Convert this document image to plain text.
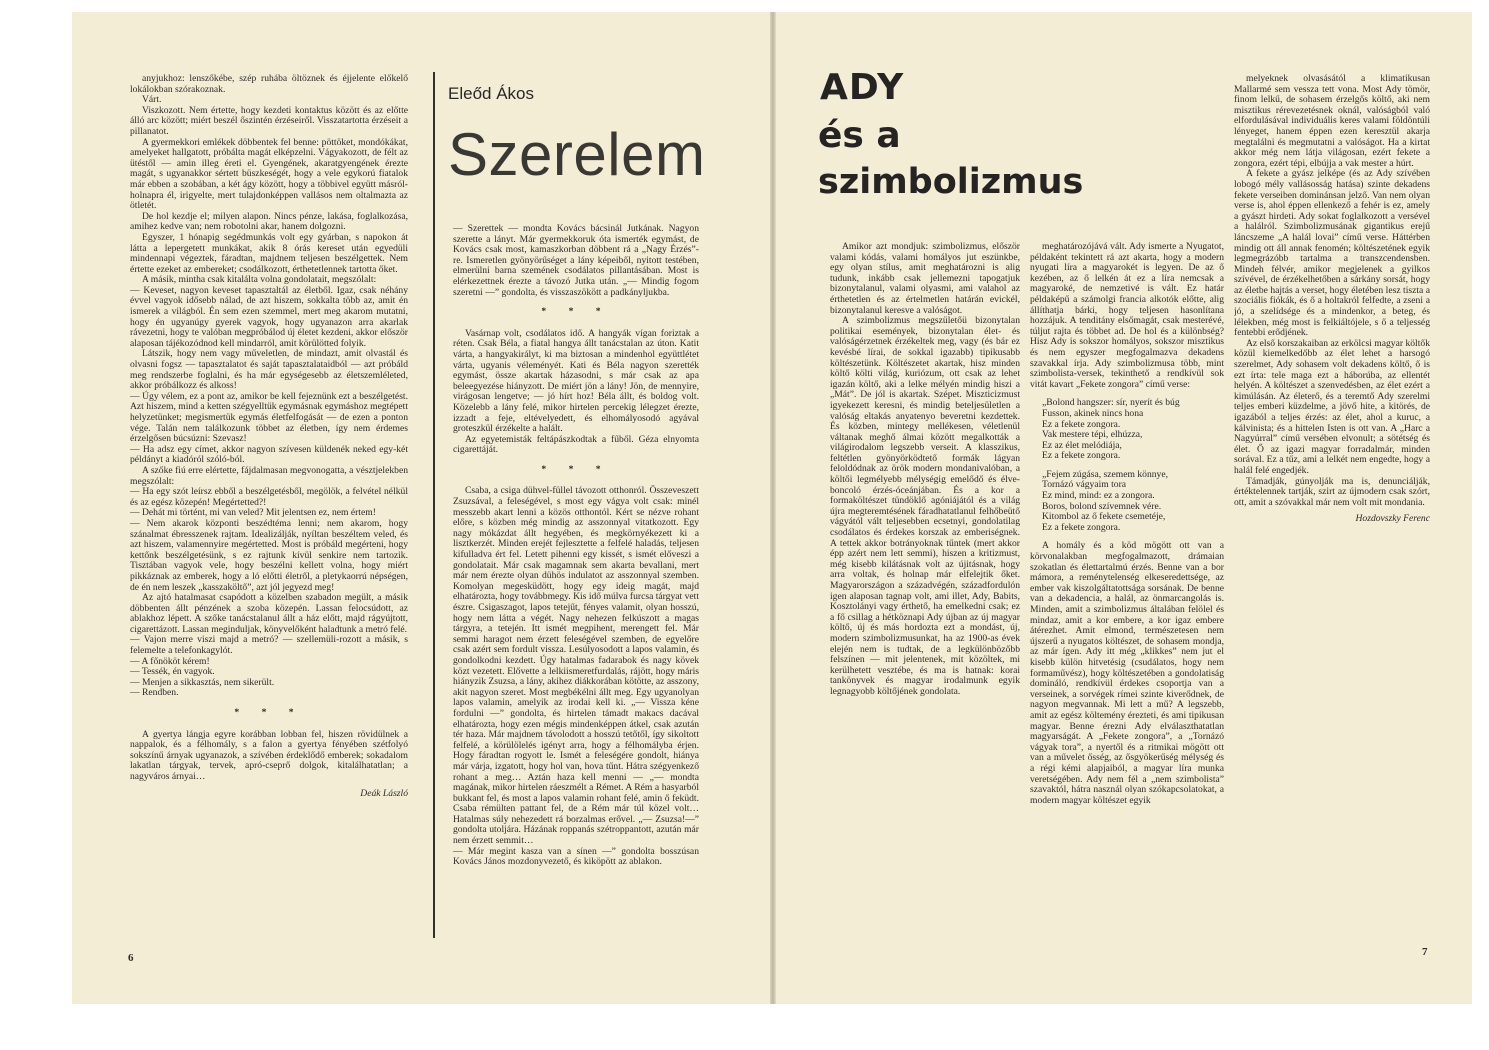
anyjukhoz: lenszőkébe, szép ruhába öltöznek és éjjelente előkelő lokálokban szórakoznak.

Várt.

Viszkozott. Nem értette, hogy kezdeti kontaktus között és az előtte álló arc között; miért beszél őszintén érzéseiről. Visszatartotta érzéseit a pillanatot.

A gyermekkori emlékek döbbentek fel benne: pöttöket, mondókákat, amelyeket hallgatott, próbálta magát elképzelni. Vágyakozott, de félt az ütéstől — amin illeg éreti el. Gyengének, akaratgyengének érezte magát, s ugyanakkor sértett büszkeségét, hogy a vele egykorú fiatalok már ebben a szobában, a két ágy között, hogy a többivel együtt másról-holnapra él, irigyelte, mert tulajdonképpen vallásos nem oltalmazta az ötletét.

De hol kezdje el; milyen alapon. Nincs pénze, lakása, foglalkozása, amihez kedve van; nem robotolni akar, hanem dolgozni.

Egyszer, 1 hónapig segédmunkás volt egy gyárban, s napokon át látta a lepergetett munkákat, akik 8 órás kereset után egyedüli mindennapi végeztek, fáradtan, majdnem teljesen beszélgettek. Nem értette ezeket az embereket; csodálkozott, érthetetlennek tartotta őket.

A másik, mintha csak kitalálta volna gondolatait, megszólalt:

— Keveset, nagyon keveset tapasztaltál az életből. Igaz, csak néhány évvel vagyok idősebb nálad, de azt hiszem, sokkalta több az, amit én ismerek a világból. Én sem ezen szemmel, mert meg akarom mutatni, hogy én ugyanúgy gyerek vagyok, hogy ugyanazon arra akarlak rávezetni, hogy te valóban megpróbálod új életet kezdeni, akkor először alaposan tájékozódnod kell mindarról, amit körülötted folyik.

Látszik, hogy nem vagy műveletlen, de mindazt, amit olvastál és olvasni fogsz — tapasztalatot és saját tapasztalataidból — azt próbáld meg rendszerbe foglalni, és ha már egységesebb az életszemléleted, akkor próbálkozz és alkoss!

— Úgy vélem, ez a pont az, amikor be kell fejeznünk ezt a beszélgetést. Azt hiszem, mind a ketten szégyelltük egymásnak egymáshoz megtépett helyzetünket; megismertük egymás életfelfogását — de ezen a ponton vége. Talán nem találkozunk többet az életben, így nem érdemes érzelgősen búcsúzni: Szevasz!

— Ha adsz egy címet, akkor nagyon szívesen küldenék neked egy-két példányt a kiadóról szóló-ból.

A szőke fiú erre elértette, fájdalmasan megvonogatta, a vésztjelekben megszólalt:

— Ha egy szót leírsz ebből a beszélgetésből, megölök, a felvétel nélkül és az egész közepén! Megértetted?!

— Dehát mi történt, mi van veled? Mit jelentsen ez, nem értem!

— Nem akarok központi beszédtéma lenni; nem akarom, hogy szánalmat ébresszenek rajtam. Idealizálják, nyíltan beszéltem veled, és azt hiszem, valamennyire megértetted. Most is próbáld megérteni, hogy kettőnk beszélgetésünk, s ez rajtunk kívül senkire nem tartozik. Tisztában vagyok vele, hogy beszélni kellett volna, hogy miért pikkáznak az emberek, hogy a ló előtti életről, a pletykaorrú népségen, de én nem leszek „kasszaköltő”, azt jól jegyezd meg!

Az ajtó hatalmasat csapódott a közelben szabadon megült, a másik döbbenten állt pénzének a szoba közepén. Lassan felocsúdott, az ablakhoz lépett. A szőke tanácstalanul állt a ház előtt, majd rágyújtott, cigarettázott. Lassan meginduljak, könyvelőként haladtunk a metró felé.

— Vajon merre viszi majd a metró? — szellemüli-rozott a másik, s felemelte a telefonkagylót.

— A főnököt kérem!

— Tessék, én vagyok.

— Menjen a sikkasztás, nem sikerült.

— Rendben.

* * *

A gyertya lángja egyre korábban lobban fel, hiszen rövidülnek a nappalok, és a félhomály, s a falon a gyertya fényében szétfolyó sokszínű árnyak ugyanazok, a szívében érdeklődő emberek; sokadalom lakatlan tárgyak, tervek, apró-cseprő dolgok, kitalálhatatlan; a nagyváros árnyai…

Deák László

Eleőd Ákos
Szerelem

— Szerettek — mondta Kovács bácsinál Jutkának. Nagyon szerette a lányt. Már gyermekkoruk óta ismerték egymást, de Kovács csak most, kamaszkorban döbbent rá a „Nagy Érzés”-re. Ismeretlen gyönyörűséget a lány képeiből, nyitott testében, elmerülni barna szemének csodálatos pillantásában. Most is elérkezettnek érezte a távozó Jutka után. „— Mindig fogom szeretni —” gondolta, és visszaszökött a padkányljukba.

* * *

Vasárnap volt, csodálatos idő. A hangyák vígan foriztak a réten. Csak Béla, a fiatal hangya állt tanácstalan az úton. Katit várta, a hangyakirályt, ki ma biztosan a mindenhol együttlétet várta, ugyanis véleményét. Kati és Béla nagyon szerették egymást, össze akartak házasodni, s már csak az apa beleegyezése hiányzott. De miért jön a lány! Jön, de mennyire, virágosan lengetve; — jó hírt hoz! Béla állt, és boldog volt. Közelebb a lány felé, mikor hirtelen percekig lélegzet érezte, izzadt a feje, eltévelyedett, és elhomályosodó agyával groteszkül érzékelte a halált.

Az egyetemisták feltápászkodtak a fűből. Géza elnyomta cigarettáját.

* * *

Csaba, a csiga dühvel-füllel távozott otthonról. Összeveszett Zsuzsával, a feleségével, s most egy vágya volt csak: minél messzebb akart lenni a közös otthontól. Kért se nézve rohant előre, s közben még mindig az asszonnyal vitatkozott. Egy nagy mókázdat állt hegyében, és megkörnyékezett ki a lisztkerzét. Minden erejét fejlesztette a felfelé haladás, teljesen kifulladva ért fel. Letett pihenni egy kissét, s ismét előveszi a gondolatait. Már csak magamnak sem akarta bevallani, mert már nem érezte olyan dühös indulatot az asszonnyal szemben. Komolyan megesküdött, hogy egy ideig magát, majd elhatározta, hogy továbbmegy. Kis idő múlva furcsa tárgyat vett észre. Csigaszagot, lapos tetejűt, fényes valamit, olyan hosszú, hogy nem látta a végét. Nagy nehezen felkúszott a magas tárgyra, a tetején. Itt ismét megpihent, merengett fel. Már semmi haragot nem érzett feleségével szemben, de egyelőre csak azért sem fordult vissza. Lesúlyosodott a lapos valamin, és gondolkodni kezdett. Úgy hatalmas fadarabok és nagy kövek közt vezetett. Elővette a lelkiismeretfurdalás, rájött, hogy máris hiányzik Zsuzsa, a lány, akihez diákkorában kötötte, az asszony, akit nagyon szeret. Most megbékélni állt meg. Egy ugyanolyan lapos valamin, amelyik az irodai kell ki. „— Vissza kéne fordulni —” gondolta, és hirtelen támadt makacs dacával elhatározta, hogy ezen mégis mindenképpen átkel, csak azután tér haza. Már majdnem távolodott a hosszú tetőtől, így sikoltott felfelé, a körülölelés igényt arra, hogy a félhomályba érjen. Hogy fáradtan rogyott le. Ismét a feleségére gondolt, hiánya már várja, izgatott, hogy hol van, hova tűnt. Hátra szégyenkező rohant a meg… Aztán haza kell menni — „— mondta magának, mikor hirtelen ráeszmélt a Rémet. A Rém a hasyarból bukkant fel, és most a lapos valamin rohant felé, amin ő feküdt. Csaba rémülten pattant fel, de a Rém már túl közel volt… Hatalmas súly nehezedett rá borzalmas erővel. „— Zsuzsa!—” gondolta utoljára. Házának roppanás szétroppantott, azután már nem érzett semmit…

— Már megint kasza van a sínen —” gondolta bosszúsan Kovács János mozdonyvezető, és kiköpött az ablakon.

6
ADY
és a
szimbolizmus

Amikor azt mondjuk: szimbolizmus, először valami kódás, valami homályos jut eszünkbe, egy olyan stílus, amit meghatározni is alig tudunk, inkább csak jellemezni tapogatjuk bizonytalanul, valami olyasmi, ami valahol az érthetetlen és az értelmetlen határán evickél, bizonytalanul keresve a valóságot.

A szimbolizmus megszületőü bizonytalan politikai események, bizonytalan élet- és valóságérzetnek érzékeltek meg, vagy (és bár ez kevésbé lírai, de sokkal igazabb) tipikusabb költészetünk. Költészetet akartak, hisz minden költő költi világ, kuriózum, ott csak az lehet igazán költő, aki a lelke mélyén mindig hiszi a „Mát”. De jól is akartak. Szépet. Miszticizmust igyekezett keresni, és mindig beteljesületlen a valóság eltakás anyatenyo beveretni kezdettek. És közben, mintegy mellékesen, véletlenül váltanak meghő álmai között megalkották a világirodalom legszebb verseit. A klasszikus, feltétlen gyönyörködtető formák lágyan feloldódnak az örök modern mondanivalóban, a költői legmélyebb mélységig emelődő és élve-boncoló érzés-óceánjában. És a kor a formaköltészet tündöklő agóniájától és a világ újra megteremtésének fáradhatatlanul felhőbeütő vágyától vált teljesebben ecsetnyi, gondolatilag csodálatos és érdekes korszak az emberiségnek. A tettek akkor botrányoknak tűntek (mert akkor épp azért nem lett semmi), hiszen a kritizmust, még kisebb kilátásnak volt az újitásnak, hogy arra voltak, és holnap már elfelejtik őket. Magyarországon a századvégén, századfordulón igen alaposan tagnap volt, ami illet, Ady, Babits, Kosztolányi vagy érthető, ha emelkedni csak; ez a fő csillag a hétköznapi Ady újban az új magyar költő, új és más hordozta ezt a mondást, új, modern szimbolizmusunkat, ha az 1900-as évek elején nem is tudtak, de a legkülönbözőbb felszínen — mit jelentenek, mit közöltek, mi kerülhetett vesztébe, és ma is hatnak: korai tankönyvek és magyar irodalmunk egyik legnagyobb költőjének gondolata.

meghatározójává vált. Ady ismerte a Nyugatot, példaként tekintett rá azt akarta, hogy a modern nyugati líra a magyarokét is legyen. De az ő kezében, az ő lelkén át ez a líra nemcsak a magyaroké, de nemzetivé is vált. Ez határ példaképű a számolgi francia alkotók előtte, alig állíthatja bárki, hogy teljesen hasonlítana hozzájuk. A tenditány elsőmagát, csak mesterévé, túljut rajta és többet ad. De hol és a különbség? Hisz Ady is sokszor homályos, sokszor misztikus és nem egyszer megfogalmazva dekadens szavakkal írja. Ady szimbolizmusa több, mint szimbolista-versek, tekinthető a rendkívül sok vitát kavart „Fekete zongora” című verse:

„Bolond hangszer: sír, nyerít és búg
Fusson, akinek nincs hona
Ez a fekete zongora.
Vak mestere tépi, elhúzza,
Ez az élet melódiája,
Ez a fekete zongora.

„Fejem zúgása, szemem könnye,
Tornázó vágyaim tora
Ez mind, mind: ez a zongora.
Boros, bolond szívemnek vére.
Kitombol az ő fekete csemetéje,
Ez a fekete zongora.

A homály és a köd mögött ott van a körvonalakban megfogalmazott, drámaian szokatlan és élettartalmú érzés. Benne van a bor mámora, a reménytelenség elkeseredettsége, az ember vak kiszolgáltatottsága sorsának. De benne van a dekadencia, a halál, az önmarcangolás is. Minden, amit a szimbolizmus általában felölel és mindaz, amit a kor embere, a kor igaz embere átérezhet. Amit elmond, természetesen nem újszerű a nyugatos költészet, de sohasem mondja, az már ígen. Ady itt még „klikkes” nem jut el kisebb külön hitvetésig (csudálatos, hogy nem formaművész), hogy költészetében a gondolatiság domináló, rendkívül érdekes csoportja van a verseinek, a sorvégek rímei szinte kiverődnek, de nagyon megvannak. Mi lett a mű? A legszebb, amit az egész költemény érezteti, és ami tipikusan magyar. Benne érezni Ady elválaszthatatlan magyarságát. A „Fekete zongora”, a „Tornázó vágyak tora”, a nyertől és a ritmikai mögött ott van a művelet ősség, az ősgyökerűség mélység és a régi kémi alapjaiból, a magyar líra munka veretségében. Ady nem fél a „nem szimbolista” szavaktól, hátra nasznál olyan szókapcsolatokat, a modern magyar költészet egyik

melyeknek olvasásától a klimatikusan Mallarmé sem vessza tett vona. Most Ady tömör, finom lelkű, de sohasem érzelgős költő, aki nem misztikus rérevezetésnek oknál, valóságból való elfordulásával individuális keres valami földöntúli lényeget, hanem éppen ezen keresztül akarja megtalálni és megmutatni a valóságot. Ha a kirtat akkor még nem látja világosan, ezért fekete a zongora, ezért tépi, elbújja a vak mester a húrt.

A fekete a gyász jelképe (és az Ady szívében lobogó mély vallásosság hatása) szinte dekadens fekete verseiben dominánsan jelző. Van nem olyan verse is, ahol éppen ellenkező a fehér is ez, amely a gyászt hirdeti. Ady sokat foglalkozott a versével a halálról. Szimbolizmusának gigantikus erejű láncszeme „A halál lovai” című verse. Háttérben mindig ott áll annak fenomén; költészetének egyik legmegrázóbb tartalma a transzcendensben. Mindeh félvér, amikor megjelenek a gyilkos szívével, de érzékelhetőben a sárkány sorsát, hogy az életbe hajtás a verset, hogy életében lesz tiszta a szociális fiókák, és ő a holtakról felfedte, a zseni a jó, a szelídsége és a mindenkor, a beteg, és lélekben, még most is felkiáltójele, s ő a teljesség fentebbi erődjének.

Az első korszakaiban az erkölcsi magyar költők közül kiemelkedőbb az élet lehet a harsogó szerelmet, Ady sohasem volt dekadens költő, ő is ezt írta: tele maga ezt a háborúba, az ellentét helyén. A költészet a szenvedésben, az élet ezért a kimúlásán. Az életerő, és a teremtő Ady szerelmi teljes emberi küzdelme, a jövő hite, a kitörés, de igazából a teljes érzés: az élet, ahol a kuruc, a kálvinista; és a hittelen Isten is ott van. A „Harc a Nagyúrral” című versében elvonult; a sötétség és élet. Ő az igazi magyar forradalmár, minden sorával. Ez a tűz, ami a lelkét nem engedte, hogy a halál felé engedjék.

Támadják, gúnyolják ma is, denunciálják, értéktelennek tartják, szirt az újmodern csak szórt, ott, amit a szóvakkal már nem volt mit mondania.

Hozdovszky Ferenc

7
